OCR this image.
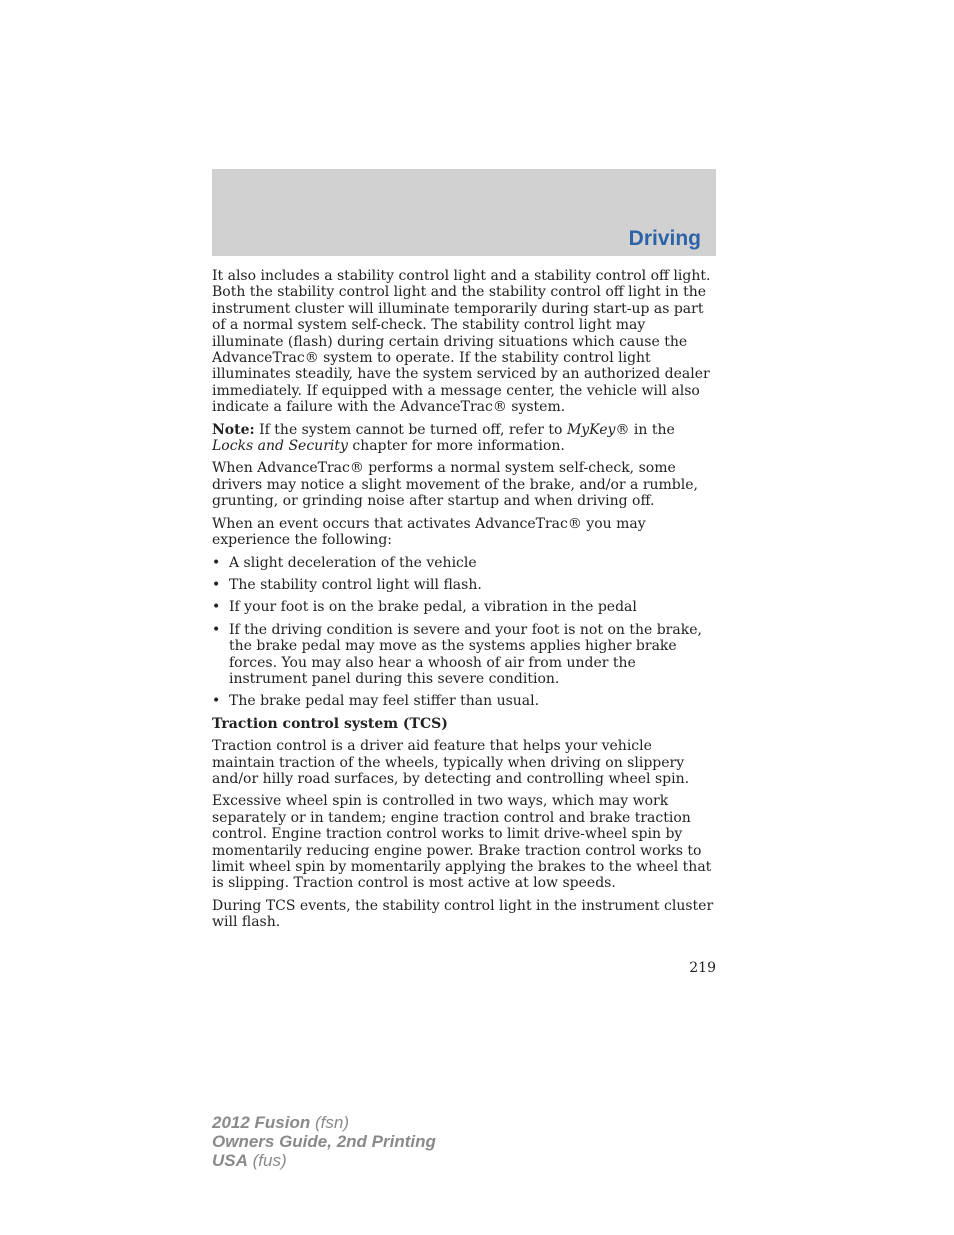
Driving

It also includes a stability control light and a stability control off light. Both the stability control light and the stability control off light in the instrument cluster will illuminate temporarily during start-up as part of a normal system self-check. The stability control light may illuminate (flash) during certain driving situations which cause the AdvanceTrac® system to operate. If the stability control light illuminates steadily, have the system serviced by an authorized dealer immediately. If equipped with a message center, the vehicle will also indicate a failure with the AdvanceTrac® system.

Note: If the system cannot be turned off, refer to MyKey® in the Locks and Security chapter for more information.

When AdvanceTrac® performs a normal system self-check, some drivers may notice a slight movement of the brake, and/or a rumble, grunting, or grinding noise after startup and when driving off.

When an event occurs that activates AdvanceTrac® you may experience the following:

• A slight deceleration of the vehicle
• The stability control light will flash.
• If your foot is on the brake pedal, a vibration in the pedal
• If the driving condition is severe and your foot is not on the brake, the brake pedal may move as the systems applies higher brake forces. You may also hear a whoosh of air from under the instrument panel during this severe condition.
• The brake pedal may feel stiffer than usual.
Traction control system (TCS)

Traction control is a driver aid feature that helps your vehicle maintain traction of the wheels, typically when driving on slippery and/or hilly road surfaces, by detecting and controlling wheel spin.

Excessive wheel spin is controlled in two ways, which may work separately or in tandem; engine traction control and brake traction control. Engine traction control works to limit drive-wheel spin by momentarily reducing engine power. Brake traction control works to limit wheel spin by momentarily applying the brakes to the wheel that is slipping. Traction control is most active at low speeds.

During TCS events, the stability control light in the instrument cluster will flash.

219
2012 Fusion (fsn)
Owners Guide, 2nd Printing
USA (fus)
